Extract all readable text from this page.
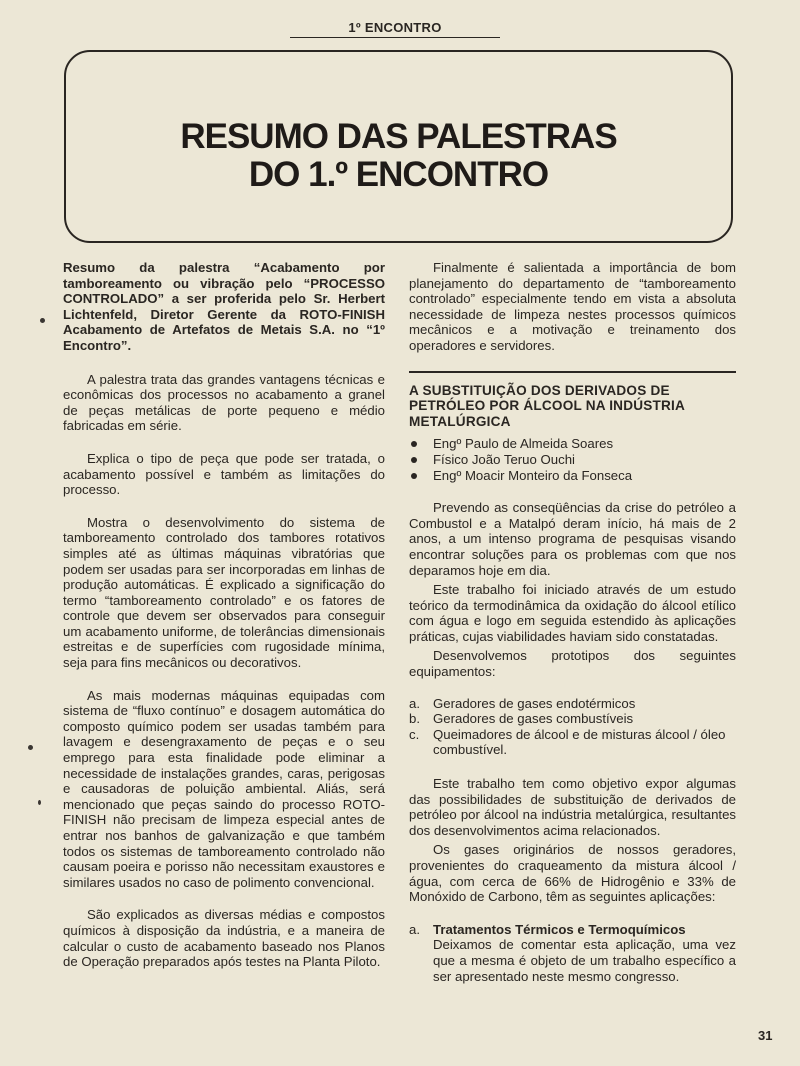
1º ENCONTRO
RESUMO DAS PALESTRAS
DO 1.º ENCONTRO

Resumo da palestra “Acabamento por tamboreamento ou vibração pelo “PROCESSO CONTROLADO” a ser proferida pelo Sr. Herbert Lichtenfeld, Diretor Gerente da ROTO-FINISH Acabamento de Artefatos de Metais S.A. no “1º Encontro”.

A palestra trata das grandes vantagens técnicas e econômicas dos processos no acabamento a granel de peças metálicas de porte pequeno e médio fabricadas em série.

Explica o tipo de peça que pode ser tratada, o acabamento possível e também as limitações do processo.

Mostra o desenvolvimento do sistema de tamboreamento controlado dos tambores rotativos simples até as últimas máquinas vibratórias que podem ser usadas para ser incorporadas em linhas de produção automáticas. É explicado a significação do termo “tamboreamento controlado” e os fatores de controle que devem ser observados para conseguir um acabamento uniforme, de tolerâncias dimensionais estreitas e de superfícies com rugosidade mínima, seja para fins mecânicos ou decorativos.

As mais modernas máquinas equipadas com sistema de “fluxo contínuo” e dosagem automática do composto químico podem ser usadas também para lavagem e desengraxamento de peças e o seu emprego para esta finalidade pode eliminar a necessidade de instalações grandes, caras, perigosas e causadoras de poluição ambiental. Aliás, será mencionado que peças saindo do processo ROTO-FINISH não precisam de limpeza especial antes de entrar nos banhos de galvanização e que também todos os sistemas de tamboreamento controlado não causam poeira e porisso não necessitam exaustores e similares usados no caso de polimento convencional.

São explicados as diversas médias e compostos químicos à disposição da indústria, e a maneira de calcular o custo de acabamento baseado nos Planos de Operação preparados após testes na Planta Piloto.

Finalmente é salientada a importância de bom planejamento do departamento de “tamboreamento controlado” especialmente tendo em vista a absoluta necessidade de limpeza nestes processos químicos mecânicos e a motivação e treinamento dos operadores e servidores.

A SUBSTITUIÇÃO DOS DERIVADOS DE PETRÓLEO POR ÁLCOOL NA INDÚSTRIA METALÚRGICA
Engº Paulo de Almeida Soares
Físico João Teruo Ouchi
Engº Moacir Monteiro da Fonseca

Prevendo as conseqüências da crise do petróleo a Combustol e a Matalpó deram início, há mais de 2 anos, a um intenso programa de pesquisas visando encontrar soluções para os problemas com que nos deparamos hoje em dia.

Este trabalho foi iniciado através de um estudo teórico da termodinâmica da oxidação do álcool etílico com água e logo em seguida estendido às aplicações práticas, cujas viabilidades haviam sido constatadas.

Desenvolvemos prototipos dos seguintes equipamentos:

a. Geradores de gases endotérmicos
b. Geradores de gases combustíveis
c.	Queimadores de álcool e de misturas álcool / óleo combustível.

Este trabalho tem como objetivo expor algumas das possibilidades de substituição de derivados de petróleo por álcool na indústria metalúrgica, resultantes dos desenvolvimentos acima relacionados.

Os gases originários de nossos geradores, provenientes do craqueamento da mistura álcool / água, com cerca de 66% de Hidrogênio e 33% de Monóxido de Carbono, têm as seguintes aplicações:

a. Tratamentos Térmicos e Termoquímicos

Deixamos de comentar esta aplicação, uma vez que a mesma é objeto de um trabalho específico a ser apresentado neste mesmo congresso.

31
